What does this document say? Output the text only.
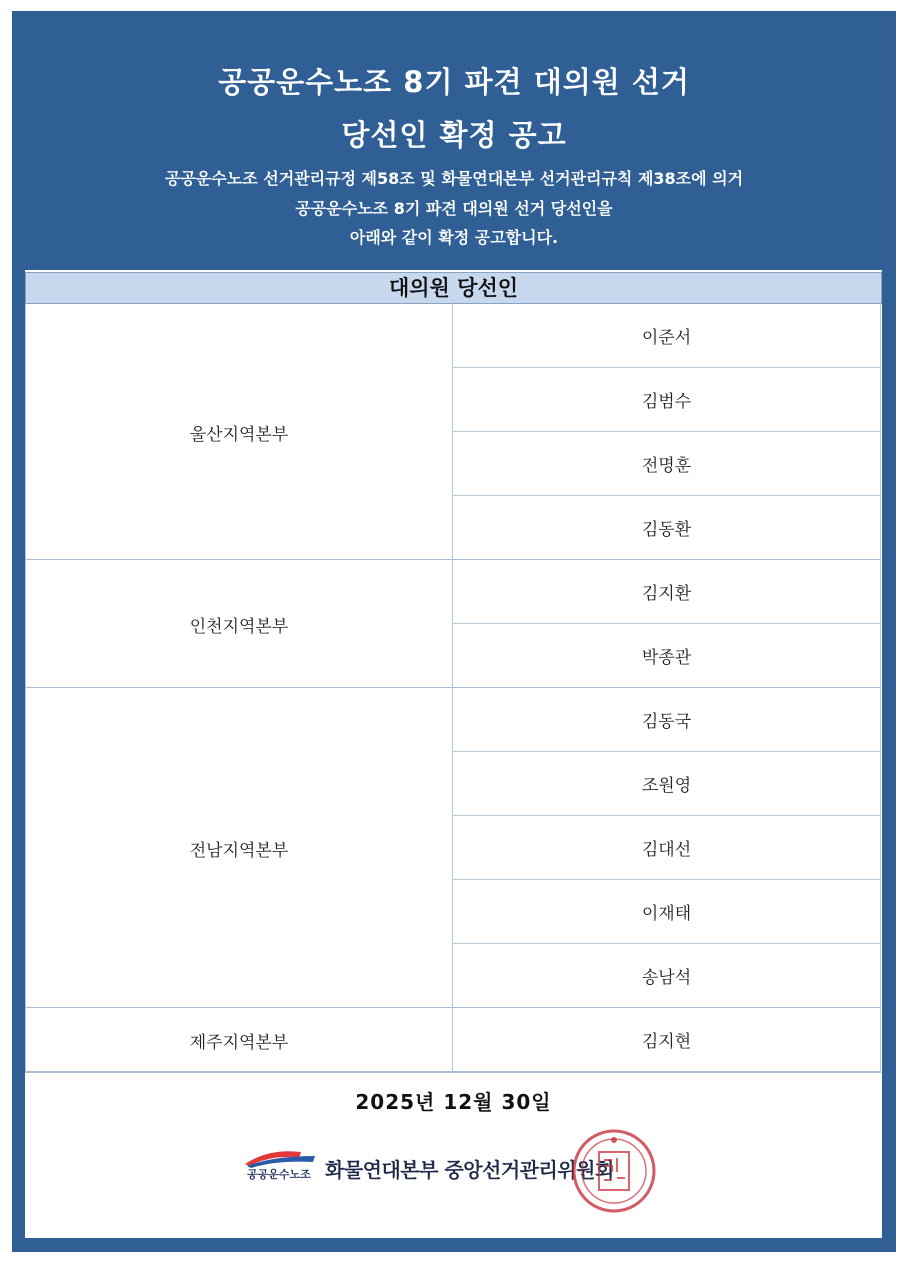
공공운수노조 8기 파견 대의원 선거
당선인 확정 공고
공공운수노조 선거관리규정 제58조 및 화물연대본부 선거관리규칙 제38조에 의거
공공운수노조 8기 파견 대의원 선거 당선인을
아래와 같이 확정 공고합니다.
대의원 당선인
울산지역본부
이준서
김범수
전명훈
김동환
인천지역본부
김지환
박종관
전남지역본부
김동국
조원영
김대선
이재태
송남석
제주지역본부	김지현
2025년 12월 30일
공공운수노조 화물연대본부 중앙선거관리위원회
